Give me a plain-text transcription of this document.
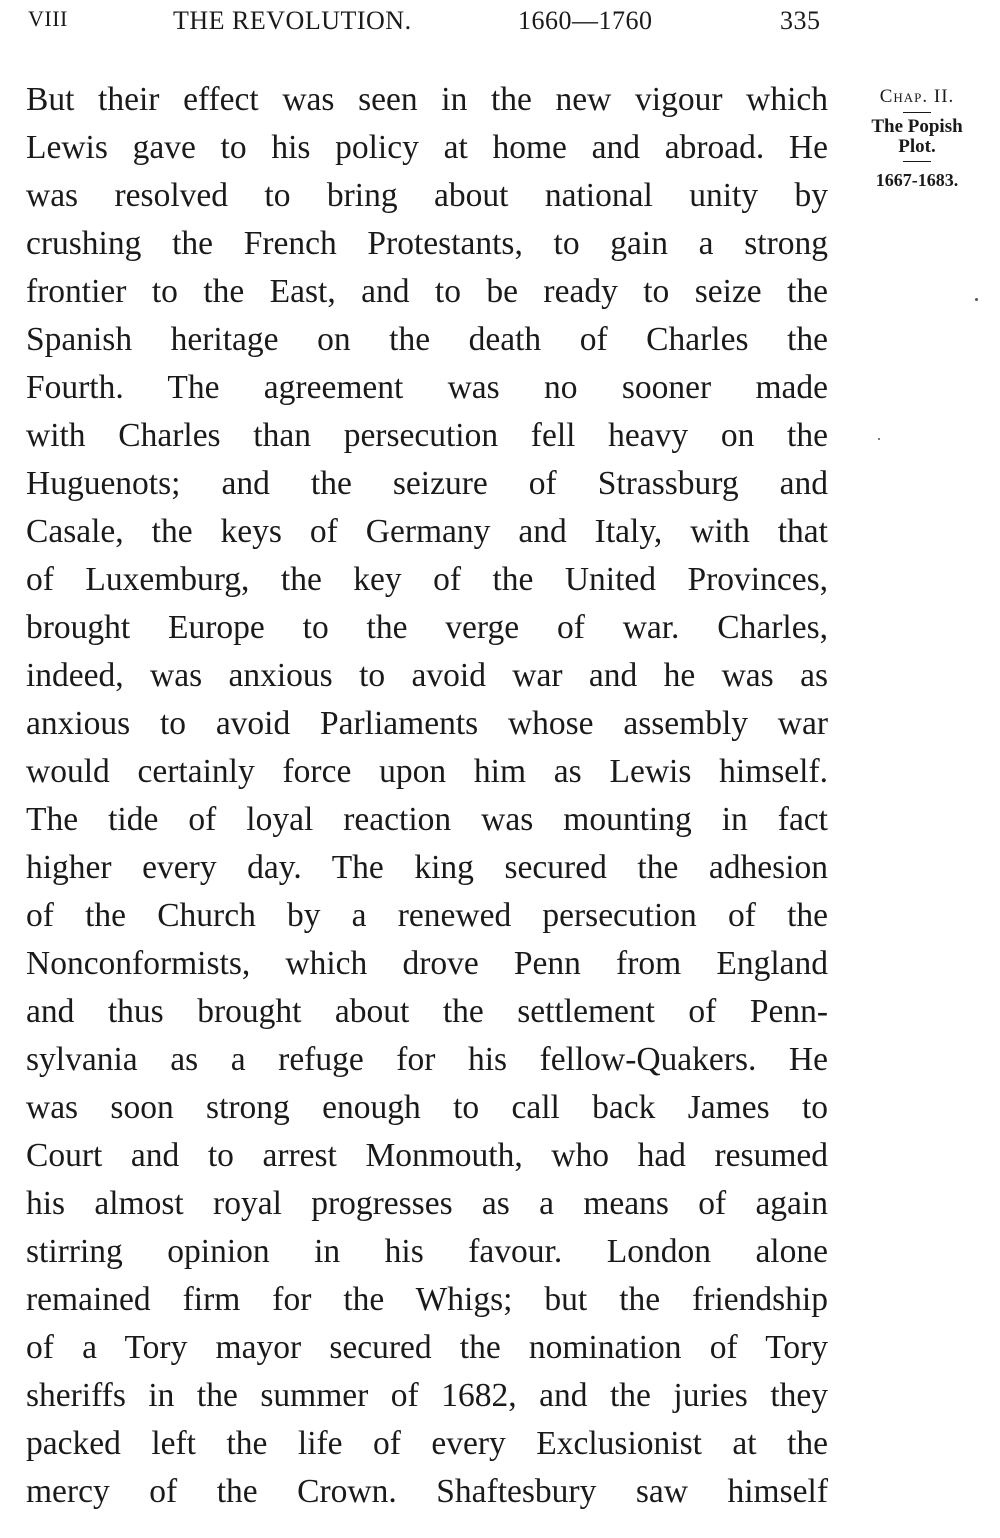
VIII	THE REVOLUTION.	1660—1760	335
But their effect was seen in the new vigour which
Lewis gave to his policy at home and abroad. He
was resolved to bring about national unity by
crushing the French Protestants, to gain a strong
frontier to the East, and to be ready to seize the
Spanish heritage on the death of Charles the
Fourth. The agreement was no sooner made
with Charles than persecution fell heavy on the
Huguenots; and the seizure of Strassburg and
Casale, the keys of Germany and Italy, with that
of Luxemburg, the key of the United Provinces,
brought Europe to the verge of war. Charles,
indeed, was anxious to avoid war and he was as
anxious to avoid Parliaments whose assembly war
would certainly force upon him as Lewis himself.
The tide of loyal reaction was mounting in fact
higher every day. The king secured the adhesion
of the Church by a renewed persecution of the
Nonconformists, which drove Penn from England
and thus brought about the settlement of Penn-
sylvania as a refuge for his fellow-Quakers. He
was soon strong enough to call back James to
Court and to arrest Monmouth, who had resumed
his almost royal progresses as a means of again
stirring opinion in his favour. London alone
remained firm for the Whigs; but the friendship
of a Tory mayor secured the nomination of Tory
sheriffs in the summer of 1682, and the juries they
packed left the life of every Exclusionist at the
mercy of the Crown. Shaftesbury saw himself
Chap. II.
The Popish
Plot.
1667-1683.
